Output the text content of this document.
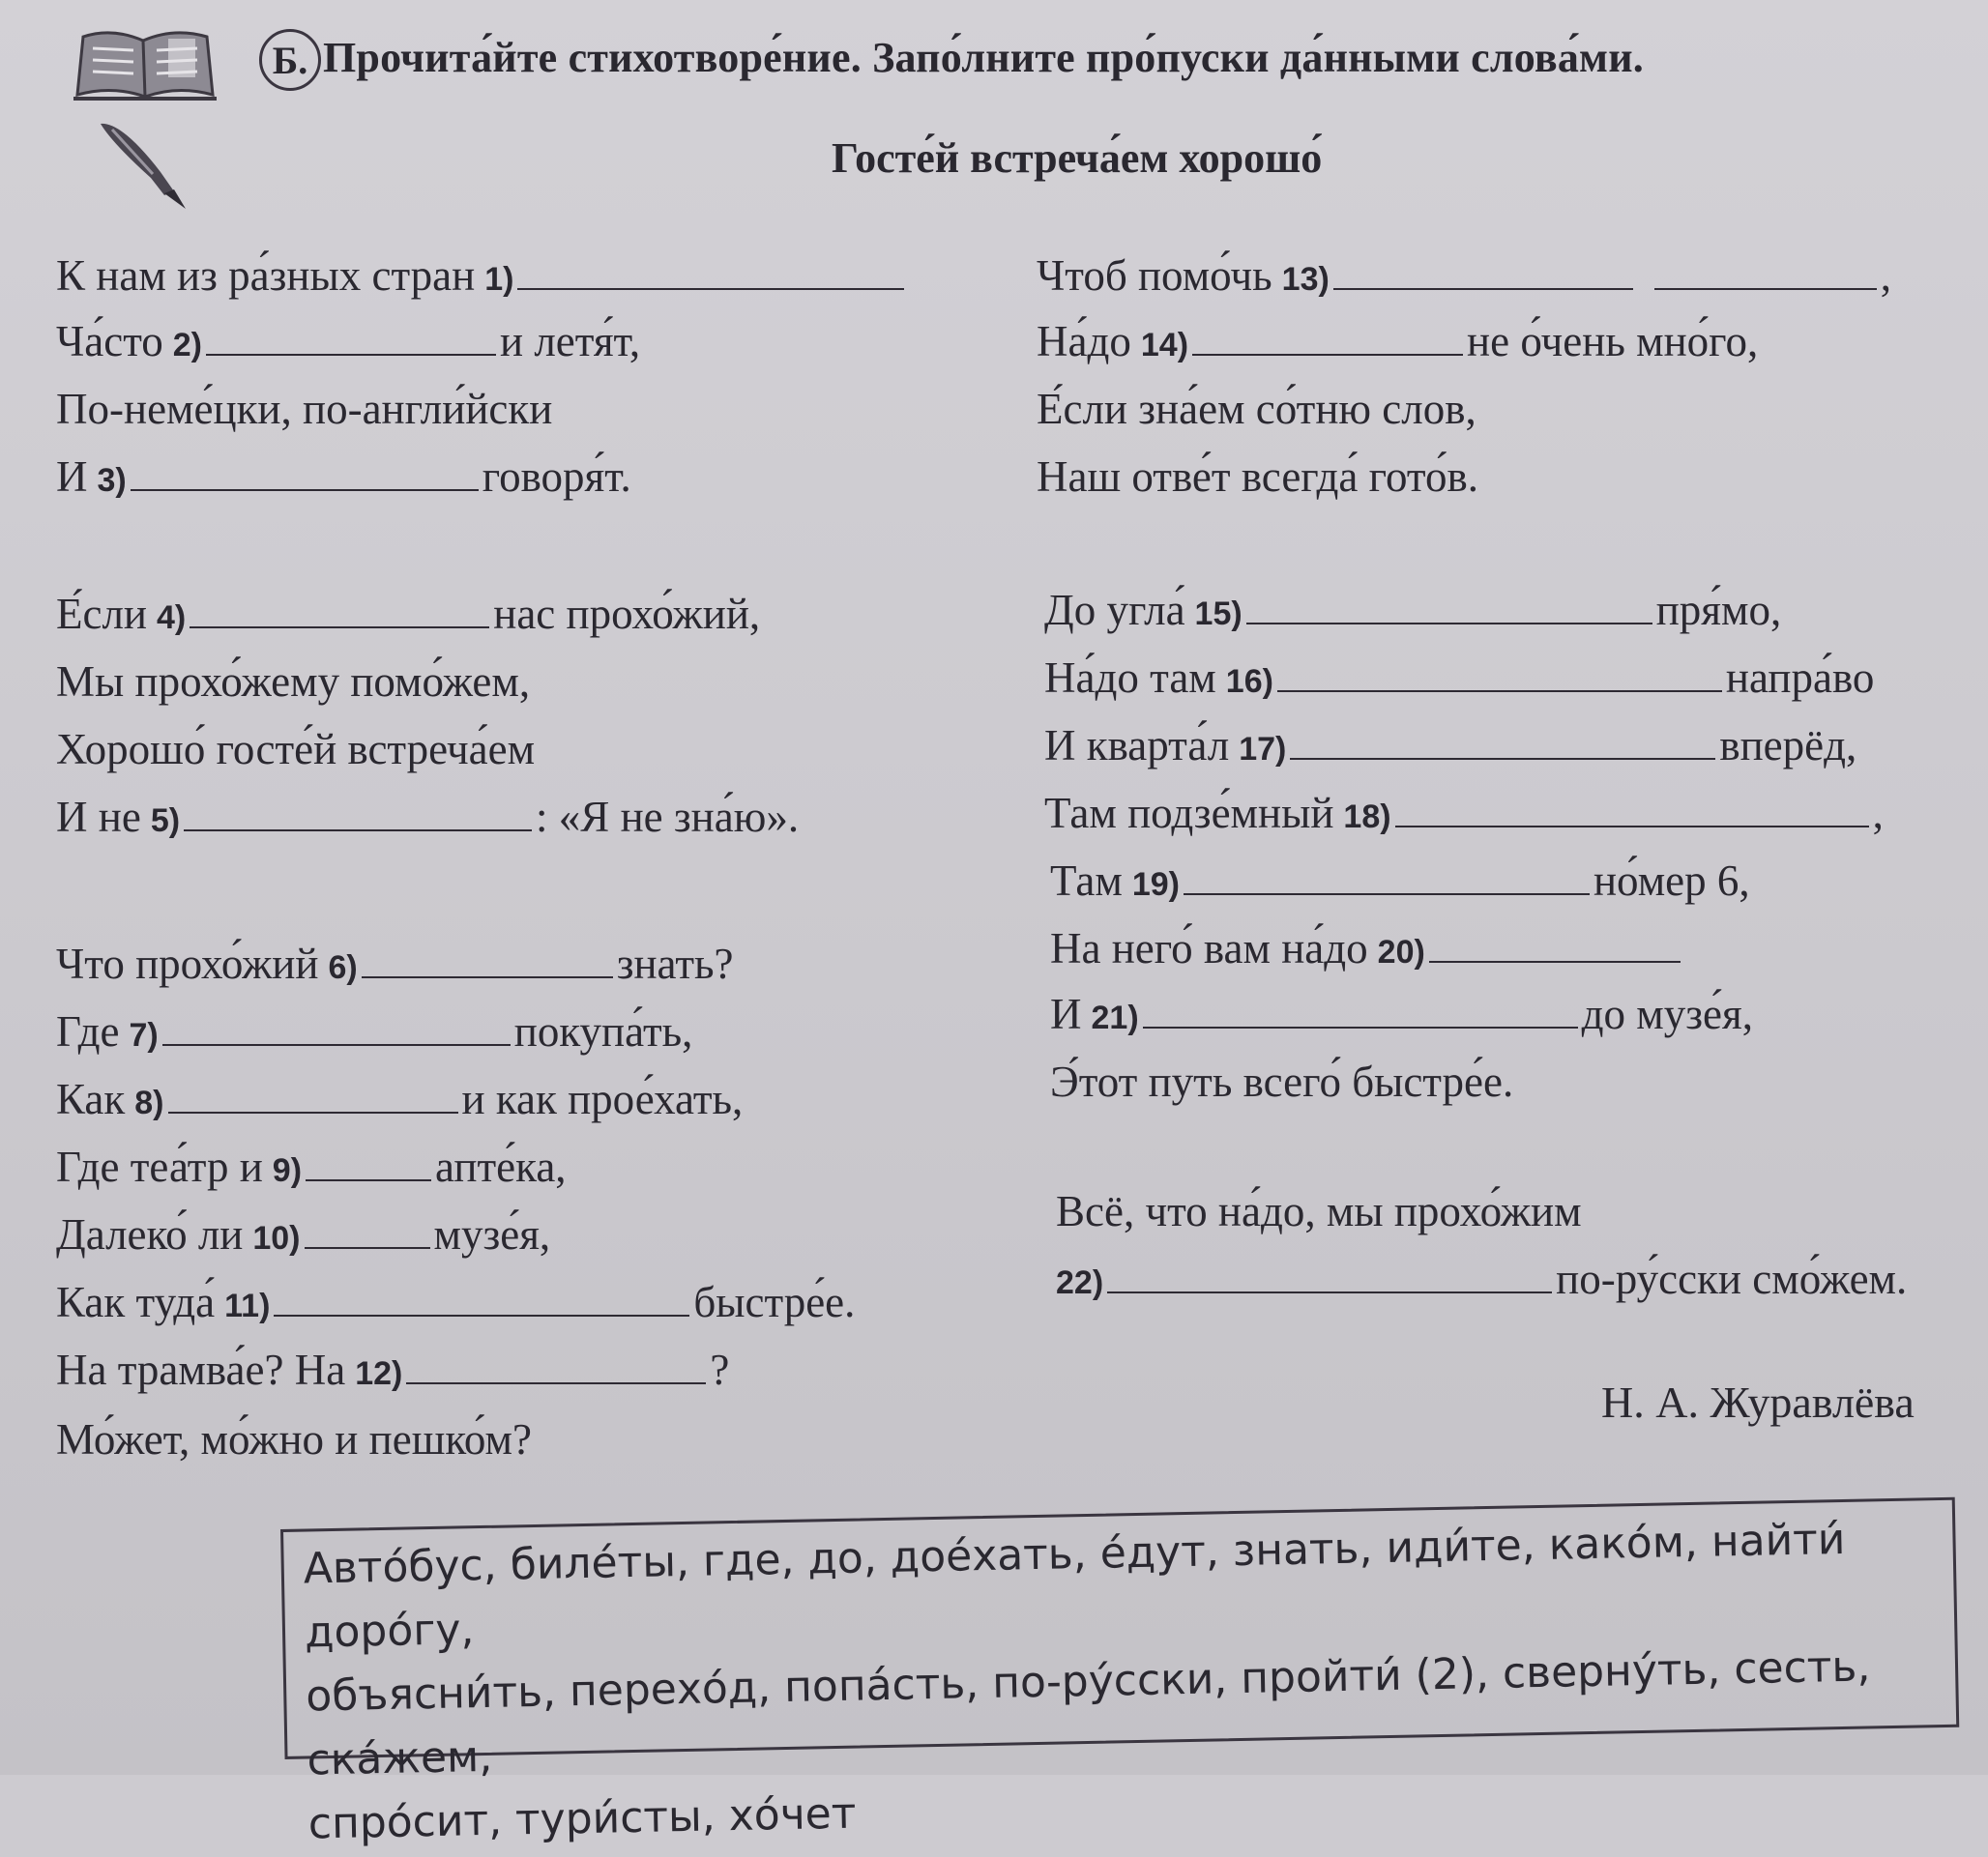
Б. Прочита́йте стихотворе́ние. Запо́лните про́пуски да́нными слова́ми.
Госте́й встреча́ем хорошо́
К нам из ра́зных стран 1)
Ча́сто 2)	и летя́т,
По-неме́цки, по-англи́йски
И 3)	говоря́т.
Е́сли 4)	нас прохо́жий,
Мы прохо́жему помо́жем,
Хорошо́ госте́й встреча́ем
И не 5)	: «Я не зна́ю».
Что прохо́жий 6)	знать?
Где 7)	покупа́ть,
Как 8)	и как прое́хать,
Где теа́тр и 9)	апте́ка,
Далеко́ ли 10)	музе́я,
Как туда́ 11)	быстре́е.
На трамва́е? На 12)	?
Мо́жет, мо́жно и пешко́м?
Чтоб помо́чь 13)	,
На́до 14)	не о́чень мно́го,
Е́сли зна́ем со́тню слов,
Наш отве́т всегда́ гото́в.
До угла́ 15)	пря́мо,
На́до там 16)	напра́во
И кварта́л 17)	вперёд,
Там подзе́мный 18)	,
Там 19)	но́мер 6,
На него́ вам на́до 20)
И 21)	до музе́я,
Э́тот путь всего́ быстре́е.
Всё, что на́до, мы прохо́жим
22)	по-ру́сски смо́жем.
Н. А. Журавлёва
Авто́бус, биле́ты, где, до, дое́хать, е́дут, знать, иди́те, како́м, найти́ доро́гу,
объясни́ть, перехо́д, попа́сть, по-ру́сски, пройти́ (2), сверну́ть, сесть, ска́жем,
спро́сит, тури́сты, хо́чет
